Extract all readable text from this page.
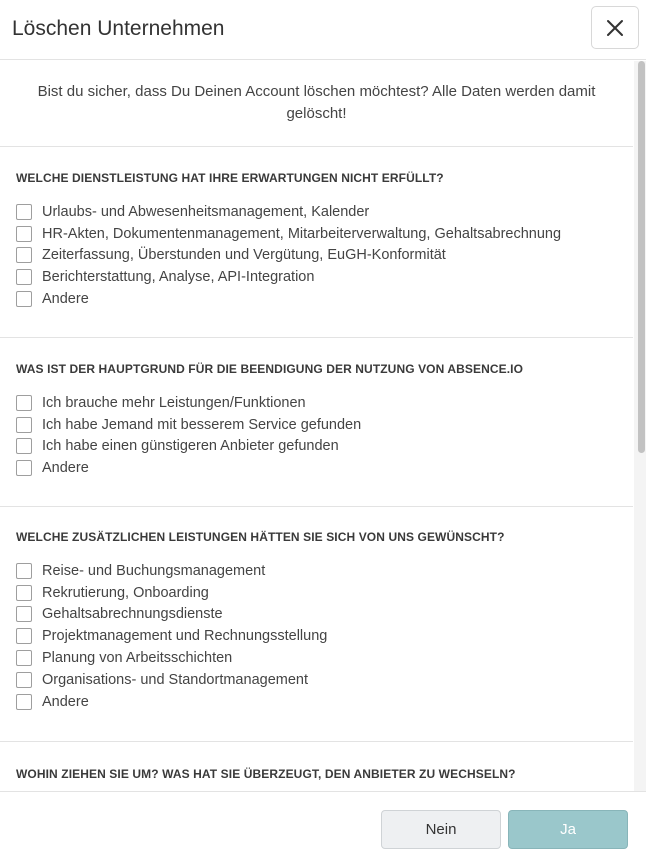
Löschen Unternehmen

Bist du sicher, dass Du Deinen Account löschen möchtest? Alle Daten werden damit gelöscht!

WELCHE DIENSTLEISTUNG HAT IHRE ERWARTUNGEN NICHT ERFÜLLT?
Urlaubs- und Abwesenheitsmanagement, Kalender
HR-Akten, Dokumentenmanagement, Mitarbeiterverwaltung, Gehaltsabrechnung
Zeiterfassung, Überstunden und Vergütung, EuGH-Konformität
Berichterstattung, Analyse, API-Integration
Andere
WAS IST DER HAUPTGRUND FÜR DIE BEENDIGUNG DER NUTZUNG VON ABSENCE.IO
Ich brauche mehr Leistungen/Funktionen
Ich habe Jemand mit besserem Service gefunden
Ich habe einen günstigeren Anbieter gefunden
Andere
WELCHE ZUSÄTZLICHEN LEISTUNGEN HÄTTEN SIE SICH VON UNS GEWÜNSCHT?
Reise- und Buchungsmanagement
Rekrutierung, Onboarding
Gehaltsabrechnungsdienste
Projektmanagement und Rechnungsstellung
Planung von Arbeitsschichten
Organisations- und Standortmanagement
Andere
WOHIN ZIEHEN SIE UM? WAS HAT SIE ÜBERZEUGT, DEN ANBIETER ZU WECHSELN?
Nein	Ja
